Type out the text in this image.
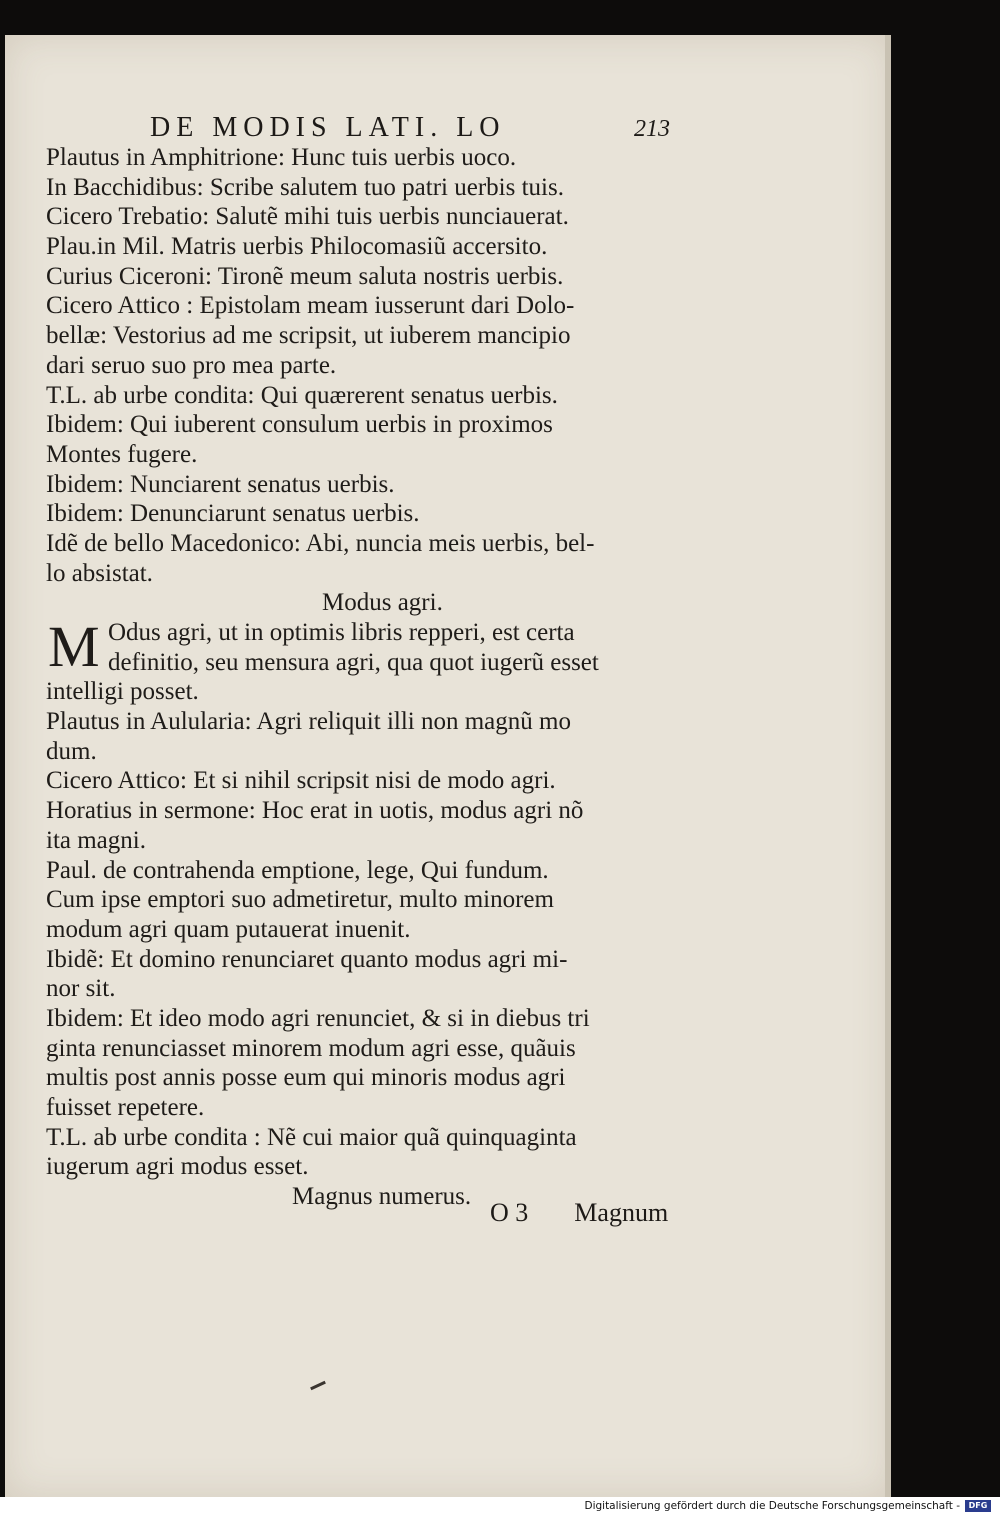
DE MODIS LATI. LO	213
Plautus in Amphitrione: Hunc tuis uerbis uoco.
In Bacchidibus: Scribe salutem tuo patri uerbis tuis.
Cicero Trebatio: Salutẽ mihi tuis uerbis nunciauerat.
Plau.in Mil. Matris uerbis Philocomasiũ accersito.
Curius Ciceroni: Tironẽ meum saluta nostris uerbis.
Cicero Attico : Epistolam meam iusserunt dari Dolo-
bellæ: Vestorius ad me scripsit, ut iuberem mancipio
dari seruo suo pro mea parte.
T.L. ab urbe condita: Qui quærerent senatus uerbis.
Ibidem: Qui iuberent consulum uerbis in proximos
Montes fugere.
Ibidem: Nunciarent senatus uerbis.
Ibidem: Denunciarunt senatus uerbis.
Idẽ de bello Macedonico: Abi, nuncia meis uerbis, bel-
lo absistat.
Modus agri.
M Odus agri, ut in optimis libris repperi, est certa
definitio, seu mensura agri, qua quot iugerũ esset
intelligi posset.
Plautus in Aulularia: Agri reliquit illi non magnũ mo
dum.
Cicero Attico: Et si nihil scripsit nisi de modo agri.
Horatius in sermone: Hoc erat in uotis, modus agri nõ
ita magni.
Paul. de contrahenda emptione, lege, Qui fundum.
Cum ipse emptori suo admetiretur, multo minorem
modum agri quam putauerat inuenit.
Ibidẽ: Et domino renunciaret quanto modus agri mi-
nor sit.
Ibidem: Et ideo modo agri renunciet, & si in diebus tri
ginta renunciasset minorem modum agri esse, quãuis
multis post annis posse eum qui minoris modus agri
fuisset repetere.
T.L. ab urbe condita : Nẽ cui maior quã quinquaginta
iugerum agri modus esset.
Magnus numerus.
O 3 Magnum
Digitalisierung gefördert durch die Deutsche Forschungsgemeinschaft -	DFG
